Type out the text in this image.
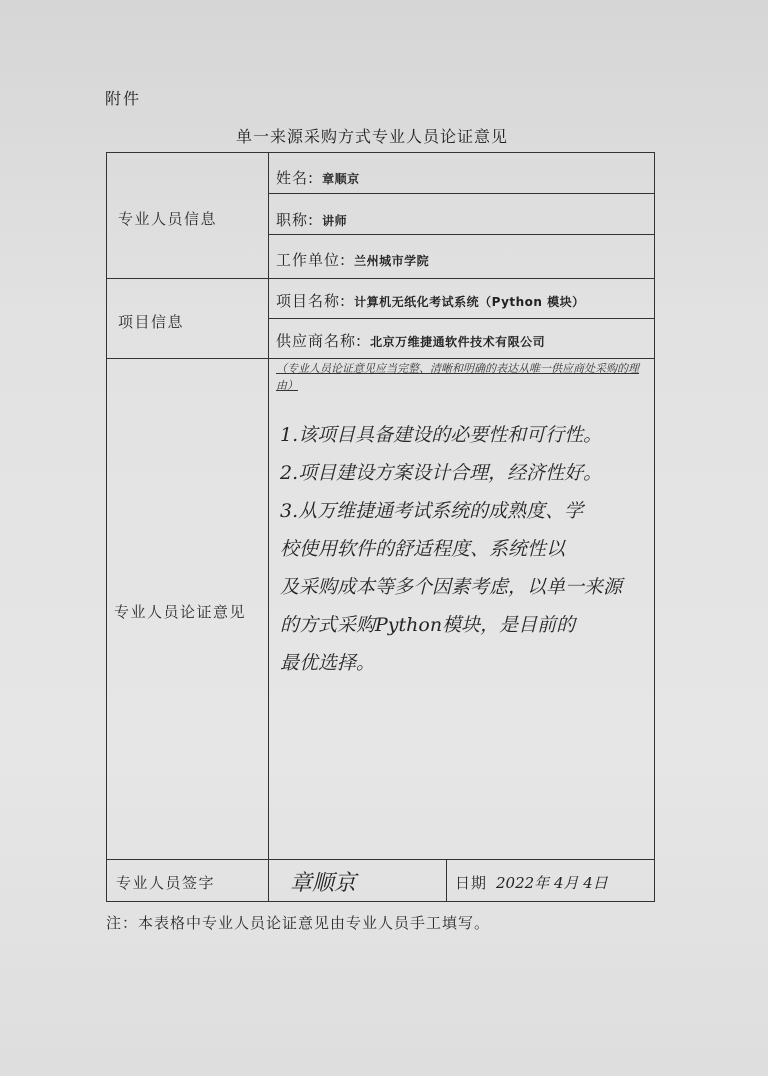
附件
单一来源采购方式专业人员论证意见
专业人员信息
姓名: 章顺京
职称: 讲师
工作单位: 兰州城市学院
项目信息
项目名称: 计算机无纸化考试系统（Python 模块）
供应商名称: 北京万维捷通软件技术有限公司
专业人员论证意见
（专业人员论证意见应当完整、清晰和明确的表达从唯一供应商处采购的理由）
1.该项目具备建设的必要性和可行性。
2.项目建设方案设计合理，经济性好。
3.从万维捷通考试系统的成熟度、学
校使用软件的舒适程度、系统性以
及采购成本等多个因素考虑，以单一来源
的方式采购Python模块，是目前的
最优选择。
专业人员签字	章顺京	日期 2022年 4月 4日
注：本表格中专业人员论证意见由专业人员手工填写。
